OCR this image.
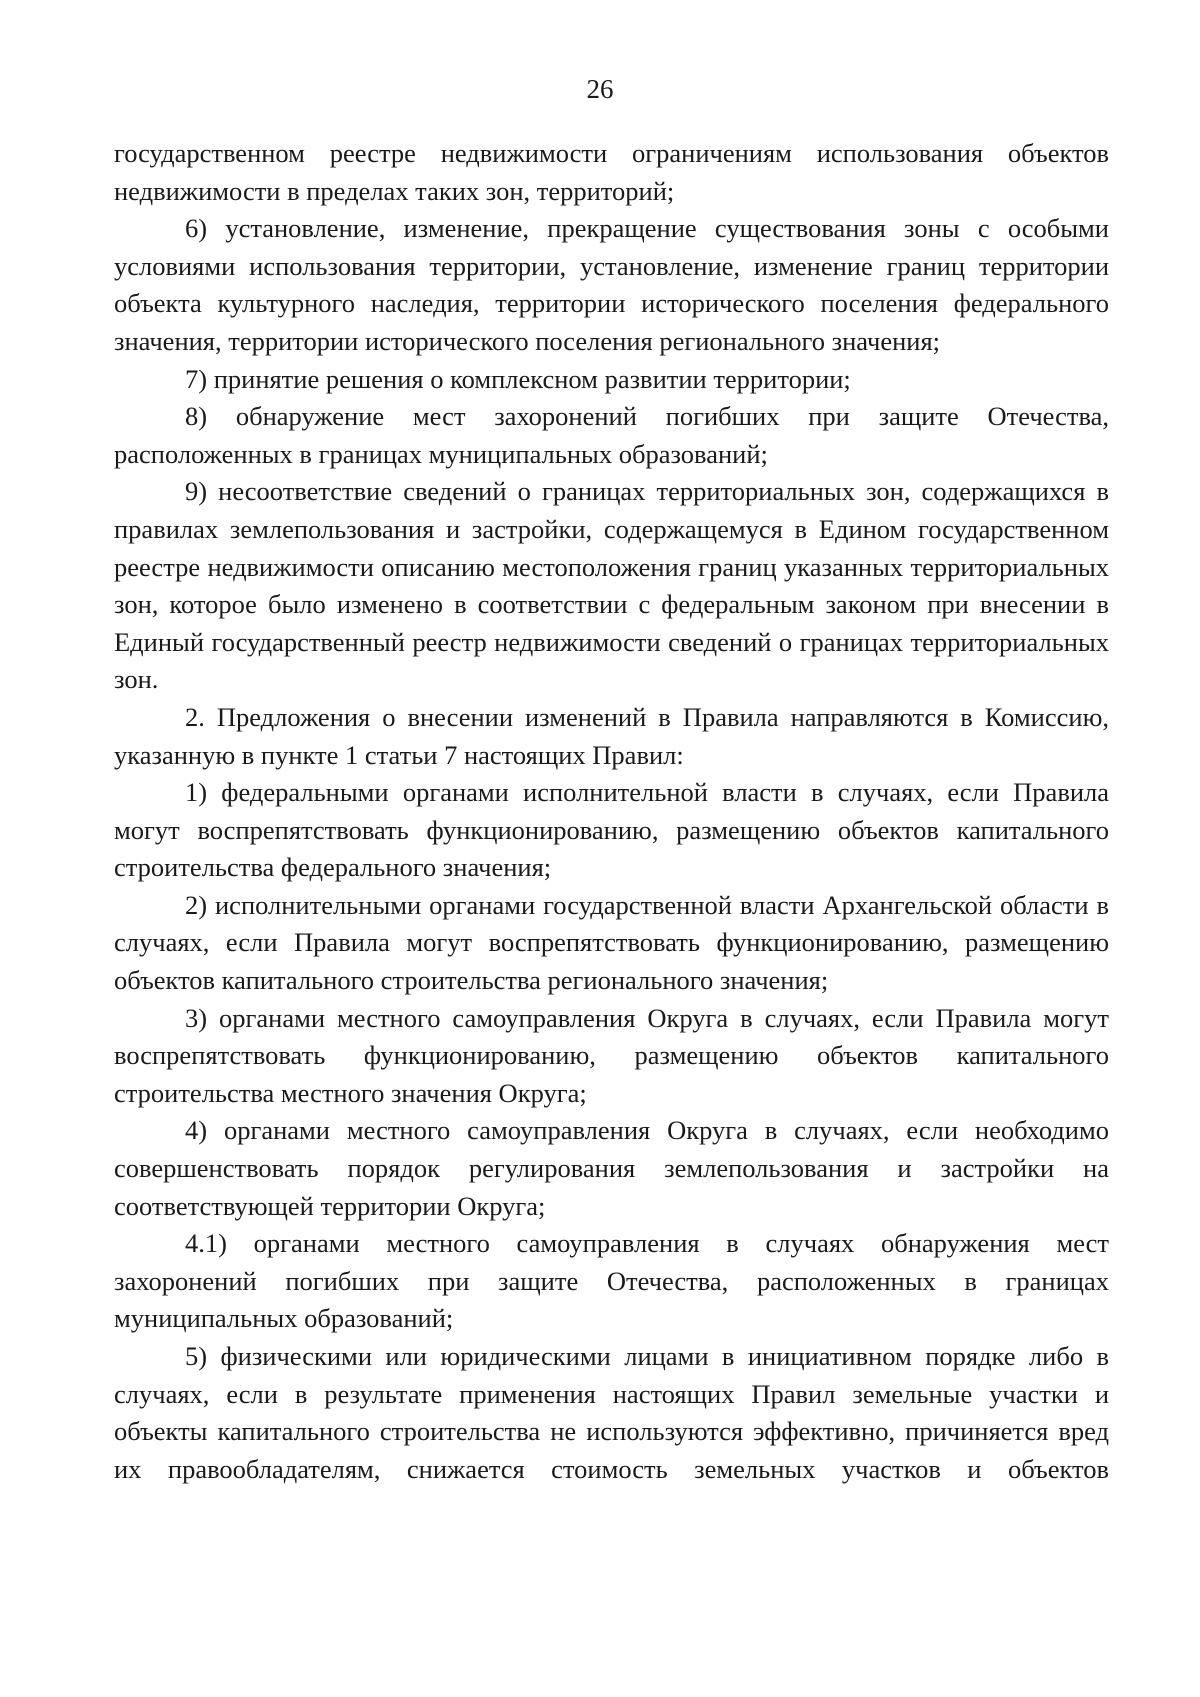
26

государственном реестре недвижимости ограничениям использования объектов недвижимости в пределах таких зон, территорий;

6) установление, изменение, прекращение существования зоны с особыми условиями использования территории, установление, изменение границ территории объекта культурного наследия, территории исторического поселения федерального значения, территории исторического поселения регионального значения;

7) принятие решения о комплексном развитии территории;

8) обнаружение мест захоронений погибших при защите Отечества, расположенных в границах муниципальных образований;

9) несоответствие сведений о границах территориальных зон, содержащихся в правилах землепользования и застройки, содержащемуся в Едином государственном реестре недвижимости описанию местоположения границ указанных территориальных зон, которое было изменено в соответствии с федеральным законом при внесении в Единый государственный реестр недвижимости сведений о границах территориальных зон.

2. Предложения о внесении изменений в Правила направляются в Комиссию, указанную в пункте 1 статьи 7 настоящих Правил:

1) федеральными органами исполнительной власти в случаях, если Правила могут воспрепятствовать функционированию, размещению объектов капитального строительства федерального значения;

2) исполнительными органами государственной власти Архангельской области в случаях, если Правила могут воспрепятствовать функционированию, размещению объектов капитального строительства регионального значения;

3) органами местного самоуправления Округа в случаях, если Правила могут воспрепятствовать функционированию, размещению объектов капитального строительства местного значения Округа;

4) органами местного самоуправления Округа в случаях, если необходимо совершенствовать порядок регулирования землепользования и застройки на соответствующей территории Округа;

4.1) органами местного самоуправления в случаях обнаружения мест захоронений погибших при защите Отечества, расположенных в границах муниципальных образований;

5) физическими или юридическими лицами в инициативном порядке либо в случаях, если в результате применения настоящих Правил земельные участки и объекты капитального строительства не используются эффективно, причиняется вред их правообладателям, снижается стоимость земельных участков и объектов
